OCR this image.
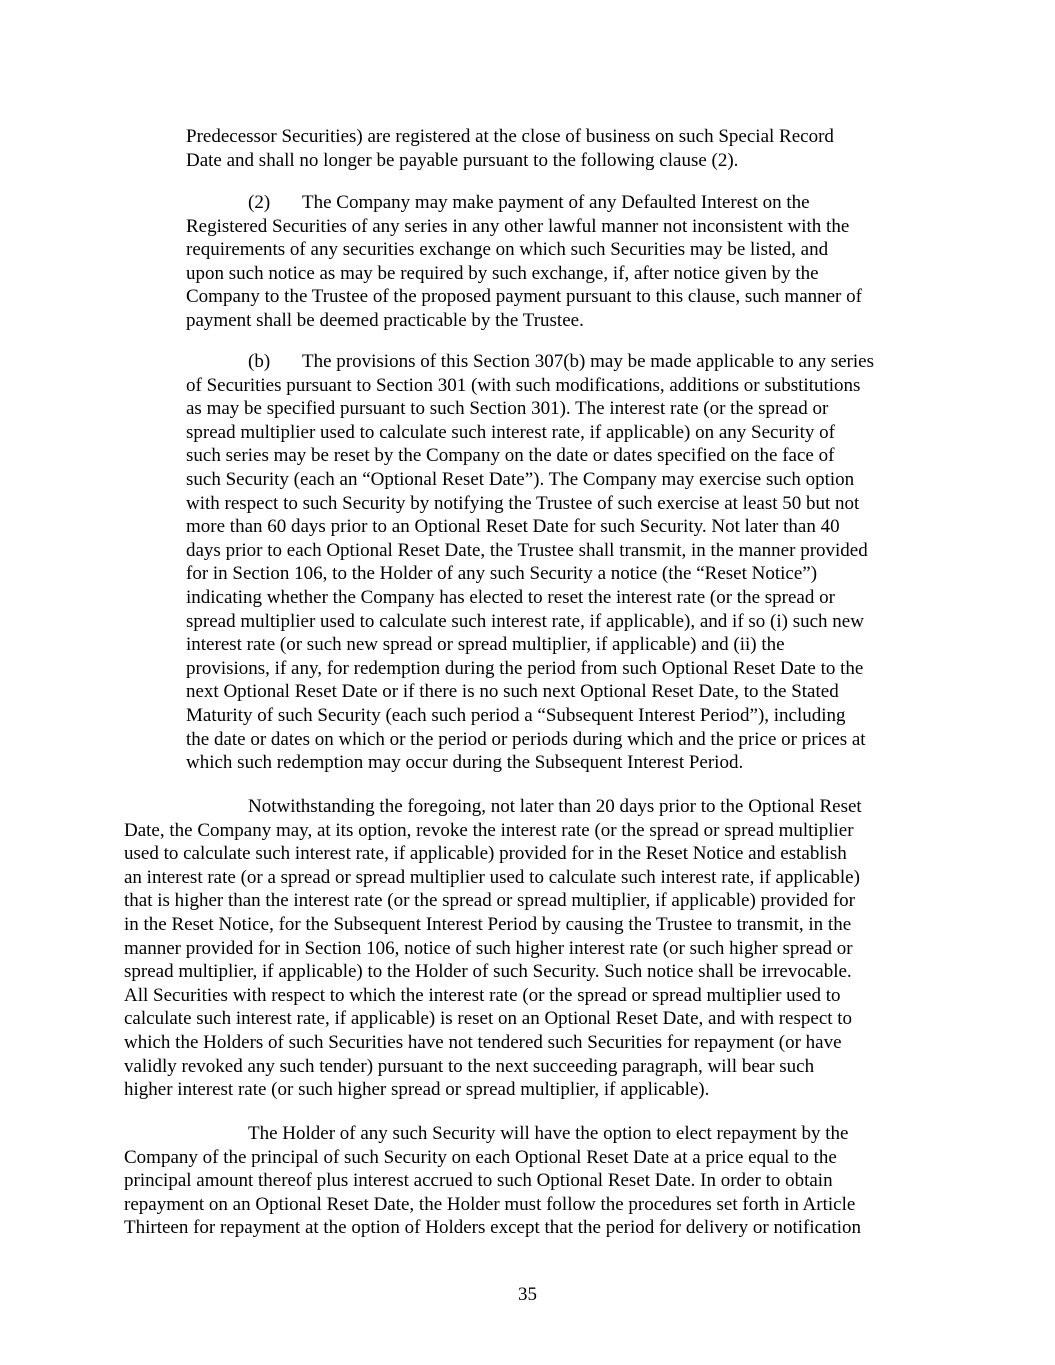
Predecessor Securities) are registered at the close of business on such Special Record
Date and shall no longer be payable pursuant to the following clause (2).

(2) The Company may make payment of any Defaulted Interest on the
Registered Securities of any series in any other lawful manner not inconsistent with the
requirements of any securities exchange on which such Securities may be listed, and
upon such notice as may be required by such exchange, if, after notice given by the
Company to the Trustee of the proposed payment pursuant to this clause, such manner of
payment shall be deemed practicable by the Trustee.

(b) The provisions of this Section 307(b) may be made applicable to any series
of Securities pursuant to Section 301 (with such modifications, additions or substitutions
as may be specified pursuant to such Section 301). The interest rate (or the spread or
spread multiplier used to calculate such interest rate, if applicable) on any Security of
such series may be reset by the Company on the date or dates specified on the face of
such Security (each an “Optional Reset Date”). The Company may exercise such option
with respect to such Security by notifying the Trustee of such exercise at least 50 but not
more than 60 days prior to an Optional Reset Date for such Security. Not later than 40
days prior to each Optional Reset Date, the Trustee shall transmit, in the manner provided
for in Section 106, to the Holder of any such Security a notice (the “Reset Notice”)
indicating whether the Company has elected to reset the interest rate (or the spread or
spread multiplier used to calculate such interest rate, if applicable), and if so (i) such new
interest rate (or such new spread or spread multiplier, if applicable) and (ii) the
provisions, if any, for redemption during the period from such Optional Reset Date to the
next Optional Reset Date or if there is no such next Optional Reset Date, to the Stated
Maturity of such Security (each such period a “Subsequent Interest Period”), including
the date or dates on which or the period or periods during which and the price or prices at
which such redemption may occur during the Subsequent Interest Period.

Notwithstanding the foregoing, not later than 20 days prior to the Optional Reset
Date, the Company may, at its option, revoke the interest rate (or the spread or spread multiplier
used to calculate such interest rate, if applicable) provided for in the Reset Notice and establish
an interest rate (or a spread or spread multiplier used to calculate such interest rate, if applicable)
that is higher than the interest rate (or the spread or spread multiplier, if applicable) provided for
in the Reset Notice, for the Subsequent Interest Period by causing the Trustee to transmit, in the
manner provided for in Section 106, notice of such higher interest rate (or such higher spread or
spread multiplier, if applicable) to the Holder of such Security. Such notice shall be irrevocable.
All Securities with respect to which the interest rate (or the spread or spread multiplier used to
calculate such interest rate, if applicable) is reset on an Optional Reset Date, and with respect to
which the Holders of such Securities have not tendered such Securities for repayment (or have
validly revoked any such tender) pursuant to the next succeeding paragraph, will bear such
higher interest rate (or such higher spread or spread multiplier, if applicable).

The Holder of any such Security will have the option to elect repayment by the
Company of the principal of such Security on each Optional Reset Date at a price equal to the
principal amount thereof plus interest accrued to such Optional Reset Date. In order to obtain
repayment on an Optional Reset Date, the Holder must follow the procedures set forth in Article
Thirteen for repayment at the option of Holders except that the period for delivery or notification

35
